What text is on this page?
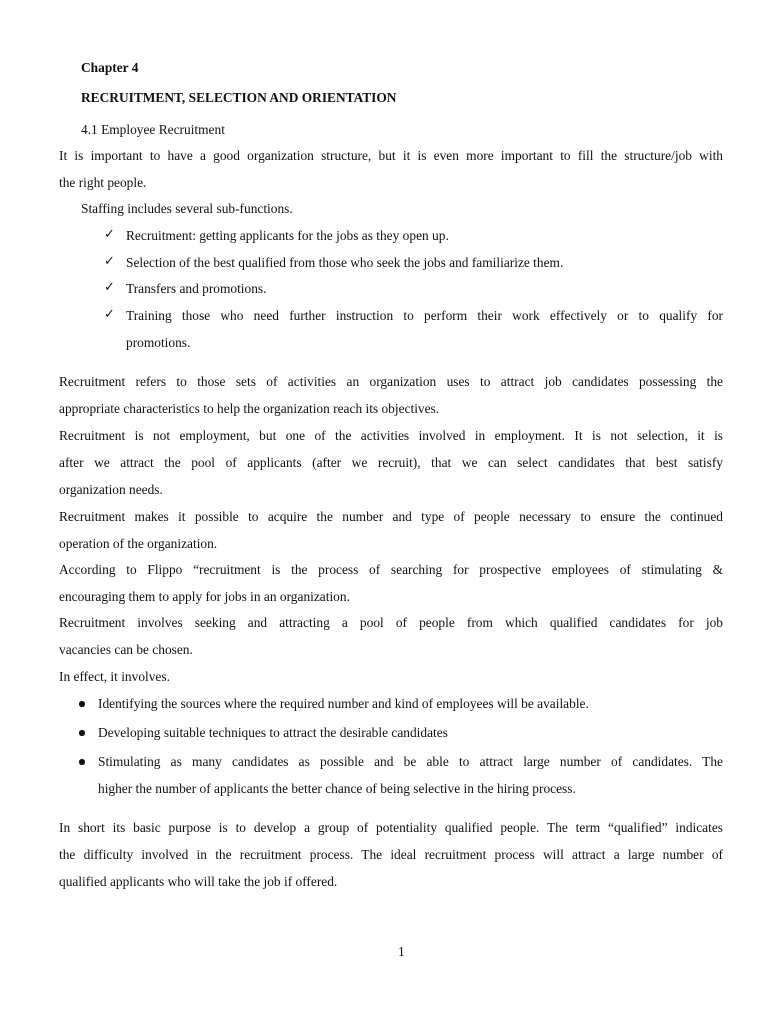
Chapter 4
RECRUITMENT, SELECTION AND ORIENTATION
4.1 Employee Recruitment
It is important to have a good organization structure, but it is even more important to fill the structure/job with
the right people.
Staffing includes several sub-functions.
✓ Recruitment: getting applicants for the jobs as they open up.
✓ Selection of the best qualified from those who seek the jobs and familiarize them.
✓ Transfers and promotions.
✓ Training those who need further instruction to perform their work effectively or to qualify for
promotions.
Recruitment refers to those sets of activities an organization uses to attract job candidates possessing the
appropriate characteristics to help the organization reach its objectives.
Recruitment is not employment, but one of the activities involved in employment. It is not selection, it is
after we attract the pool of applicants (after we recruit), that we can select candidates that best satisfy
organization needs.
Recruitment makes it possible to acquire the number and type of people necessary to ensure the continued
operation of the organization.
According to Flippo “recruitment is the process of searching for prospective employees of stimulating &
encouraging them to apply for jobs in an organization.
Recruitment involves seeking and attracting a pool of people from which qualified candidates for job
vacancies can be chosen.
In effect, it involves.
Identifying the sources where the required number and kind of employees will be available.
Developing suitable techniques to attract the desirable candidates
Stimulating as many candidates as possible and be able to attract large number of candidates. The
higher the number of applicants the better chance of being selective in the hiring process.
In short its basic purpose is to develop a group of potentiality qualified people. The term “qualified” indicates
the difficulty involved in the recruitment process. The ideal recruitment process will attract a large number of
qualified applicants who will take the job if offered.
1
